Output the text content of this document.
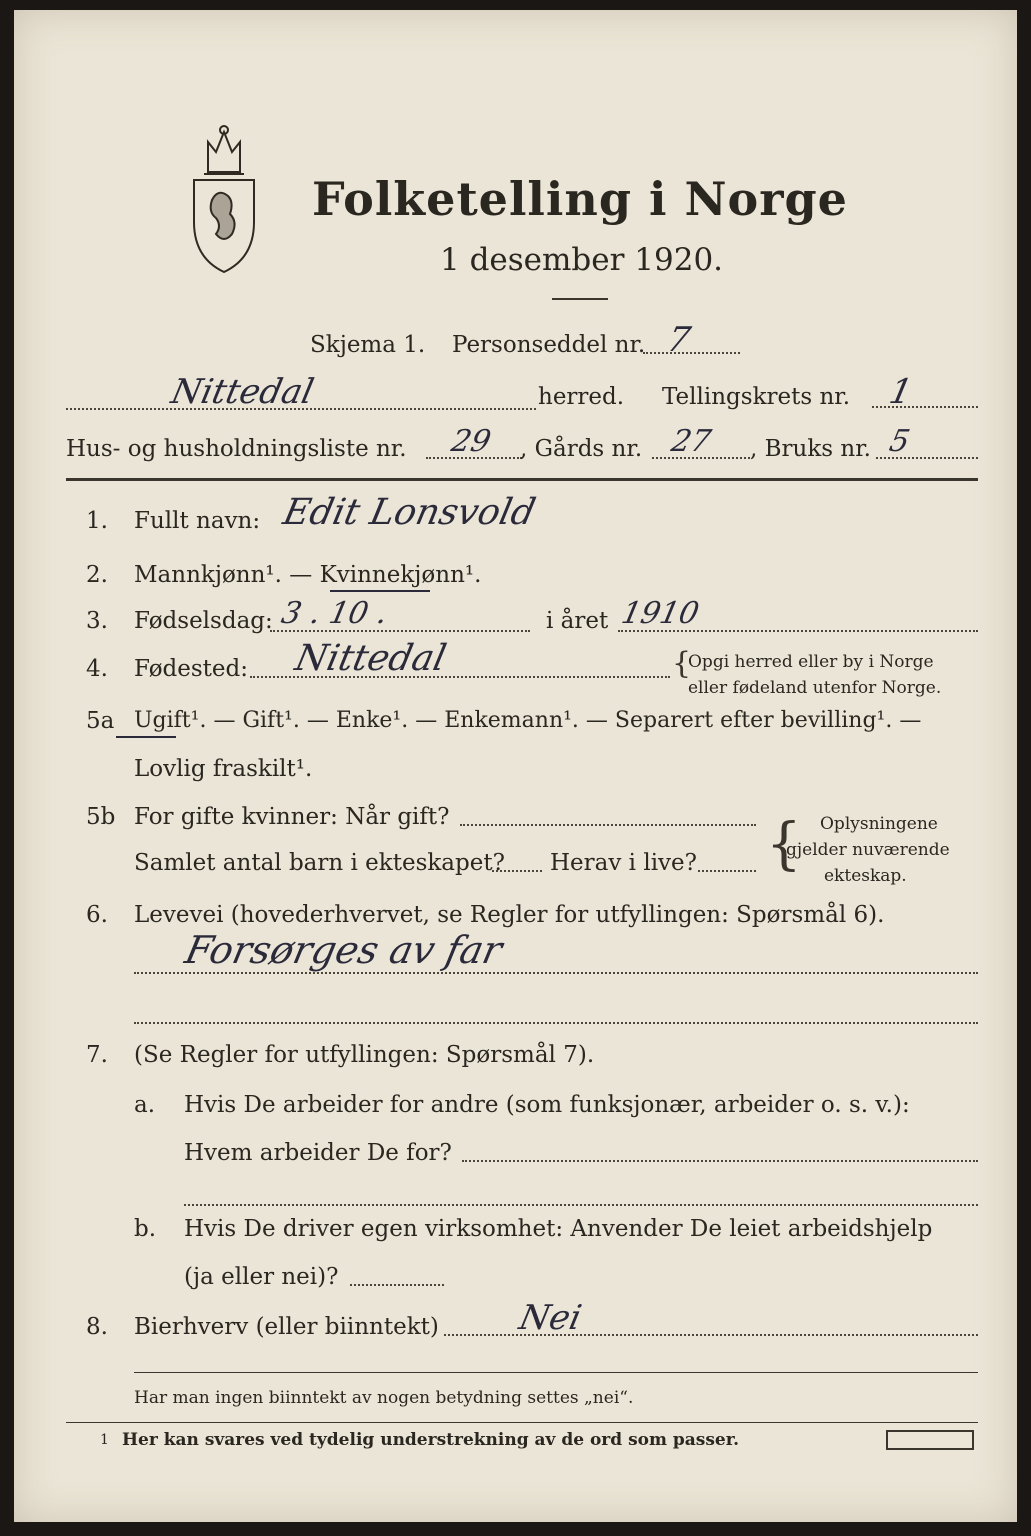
Folketelling i Norge
1 desember 1920.
Skjema 1. Personseddel nr. 7
Nittedal	herred. Tellingskrets nr. 1
Hus- og husholdningsliste nr. 29 , Gårds nr. 27 , Bruks nr. 5
1. Fullt navn: Edit Lonsvold
2. Mannkjønn¹. — Kvinnekjønn¹.
3. Fødselsdag: 3 . 10 .	i året 1910
4. Fødested: Nittedal	{
Opgi herred eller by i Norge
eller fødeland utenfor Norge.
5a Ugift¹. — Gift¹. — Enke¹. — Enkemann¹. — Separert efter bevilling¹. —
Lovlig fraskilt¹.
5b For gifte kvinner: Når gift?
Samlet antal barn i ekteskapet? Herav i live? { Oplysningene
gjelder nuværende
ekteskap.
6. Levevei (hovederhvervet, se Regler for utfyllingen: Spørsmål 6).
Forsørges av far
7. (Se Regler for utfyllingen: Spørsmål 7).
a. Hvis De arbeider for andre (som funksjonær, arbeider o. s. v.):
Hvem arbeider De for?
b. Hvis De driver egen virksomhet: Anvender De leiet arbeidshjelp
(ja eller nei)?
8. Bierhverv (eller biinntekt) Nei
Har man ingen biinntekt av nogen betydning settes „nei“.
1 Her kan svares ved tydelig understrekning av de ord som passer.
